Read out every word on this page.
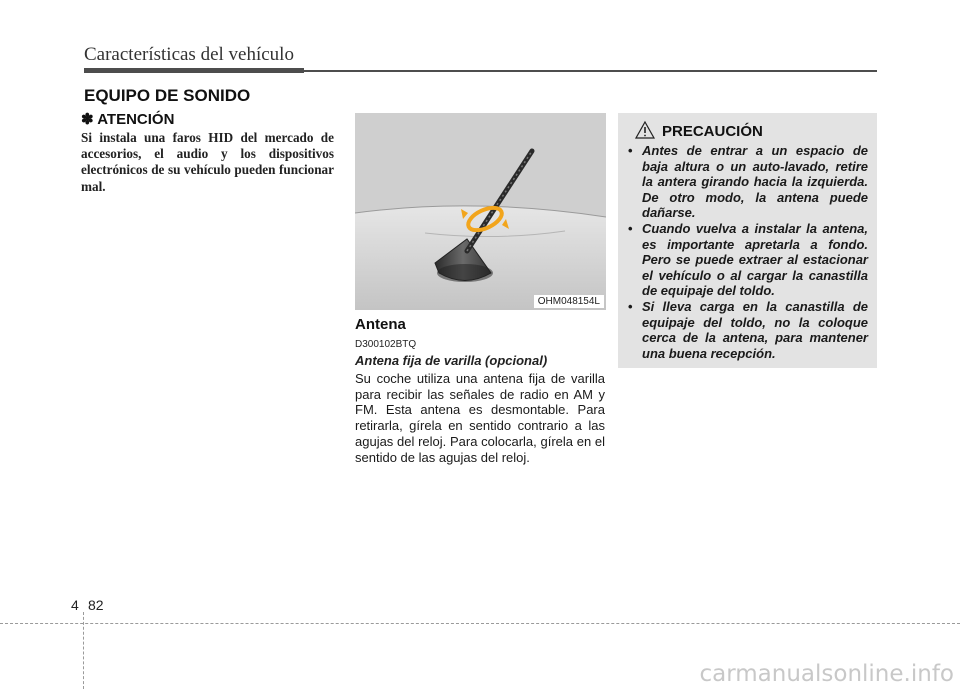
Características del vehículo
EQUIPO DE SONIDO
✽ ATENCIÓN
Si instala una faros HID del mercado de accesorios, el audio y los dispositivos electrónicos de su vehículo pueden funcionar mal.
OHM048154L
Antena
D300102BTQ
Antena fija de varilla (opcional)
Su coche utiliza una antena fija de varilla para recibir las señales de radio en AM y FM. Esta antena es desmontable. Para retirarla, gírela en sentido contrario a las agujas del reloj. Para colocarla, gírela en el sentido de las agujas del reloj.
PRECAUCIÓN
• Antes de entrar a un espacio de baja altura o un auto-lavado, retire la antera girando hacia la izquierda. De otro modo, la antena puede dañarse.
• Cuando vuelva a instalar la antena, es importante apretarla a fondo. Pero se puede extraer al estacionar el vehículo o al cargar la canastilla de equipaje del toldo.
• Si lleva carga en la canastilla de equipaje del toldo, no la coloque cerca de la antena, para mantener una buena recepción.
4 82
carmanualsonline.info
